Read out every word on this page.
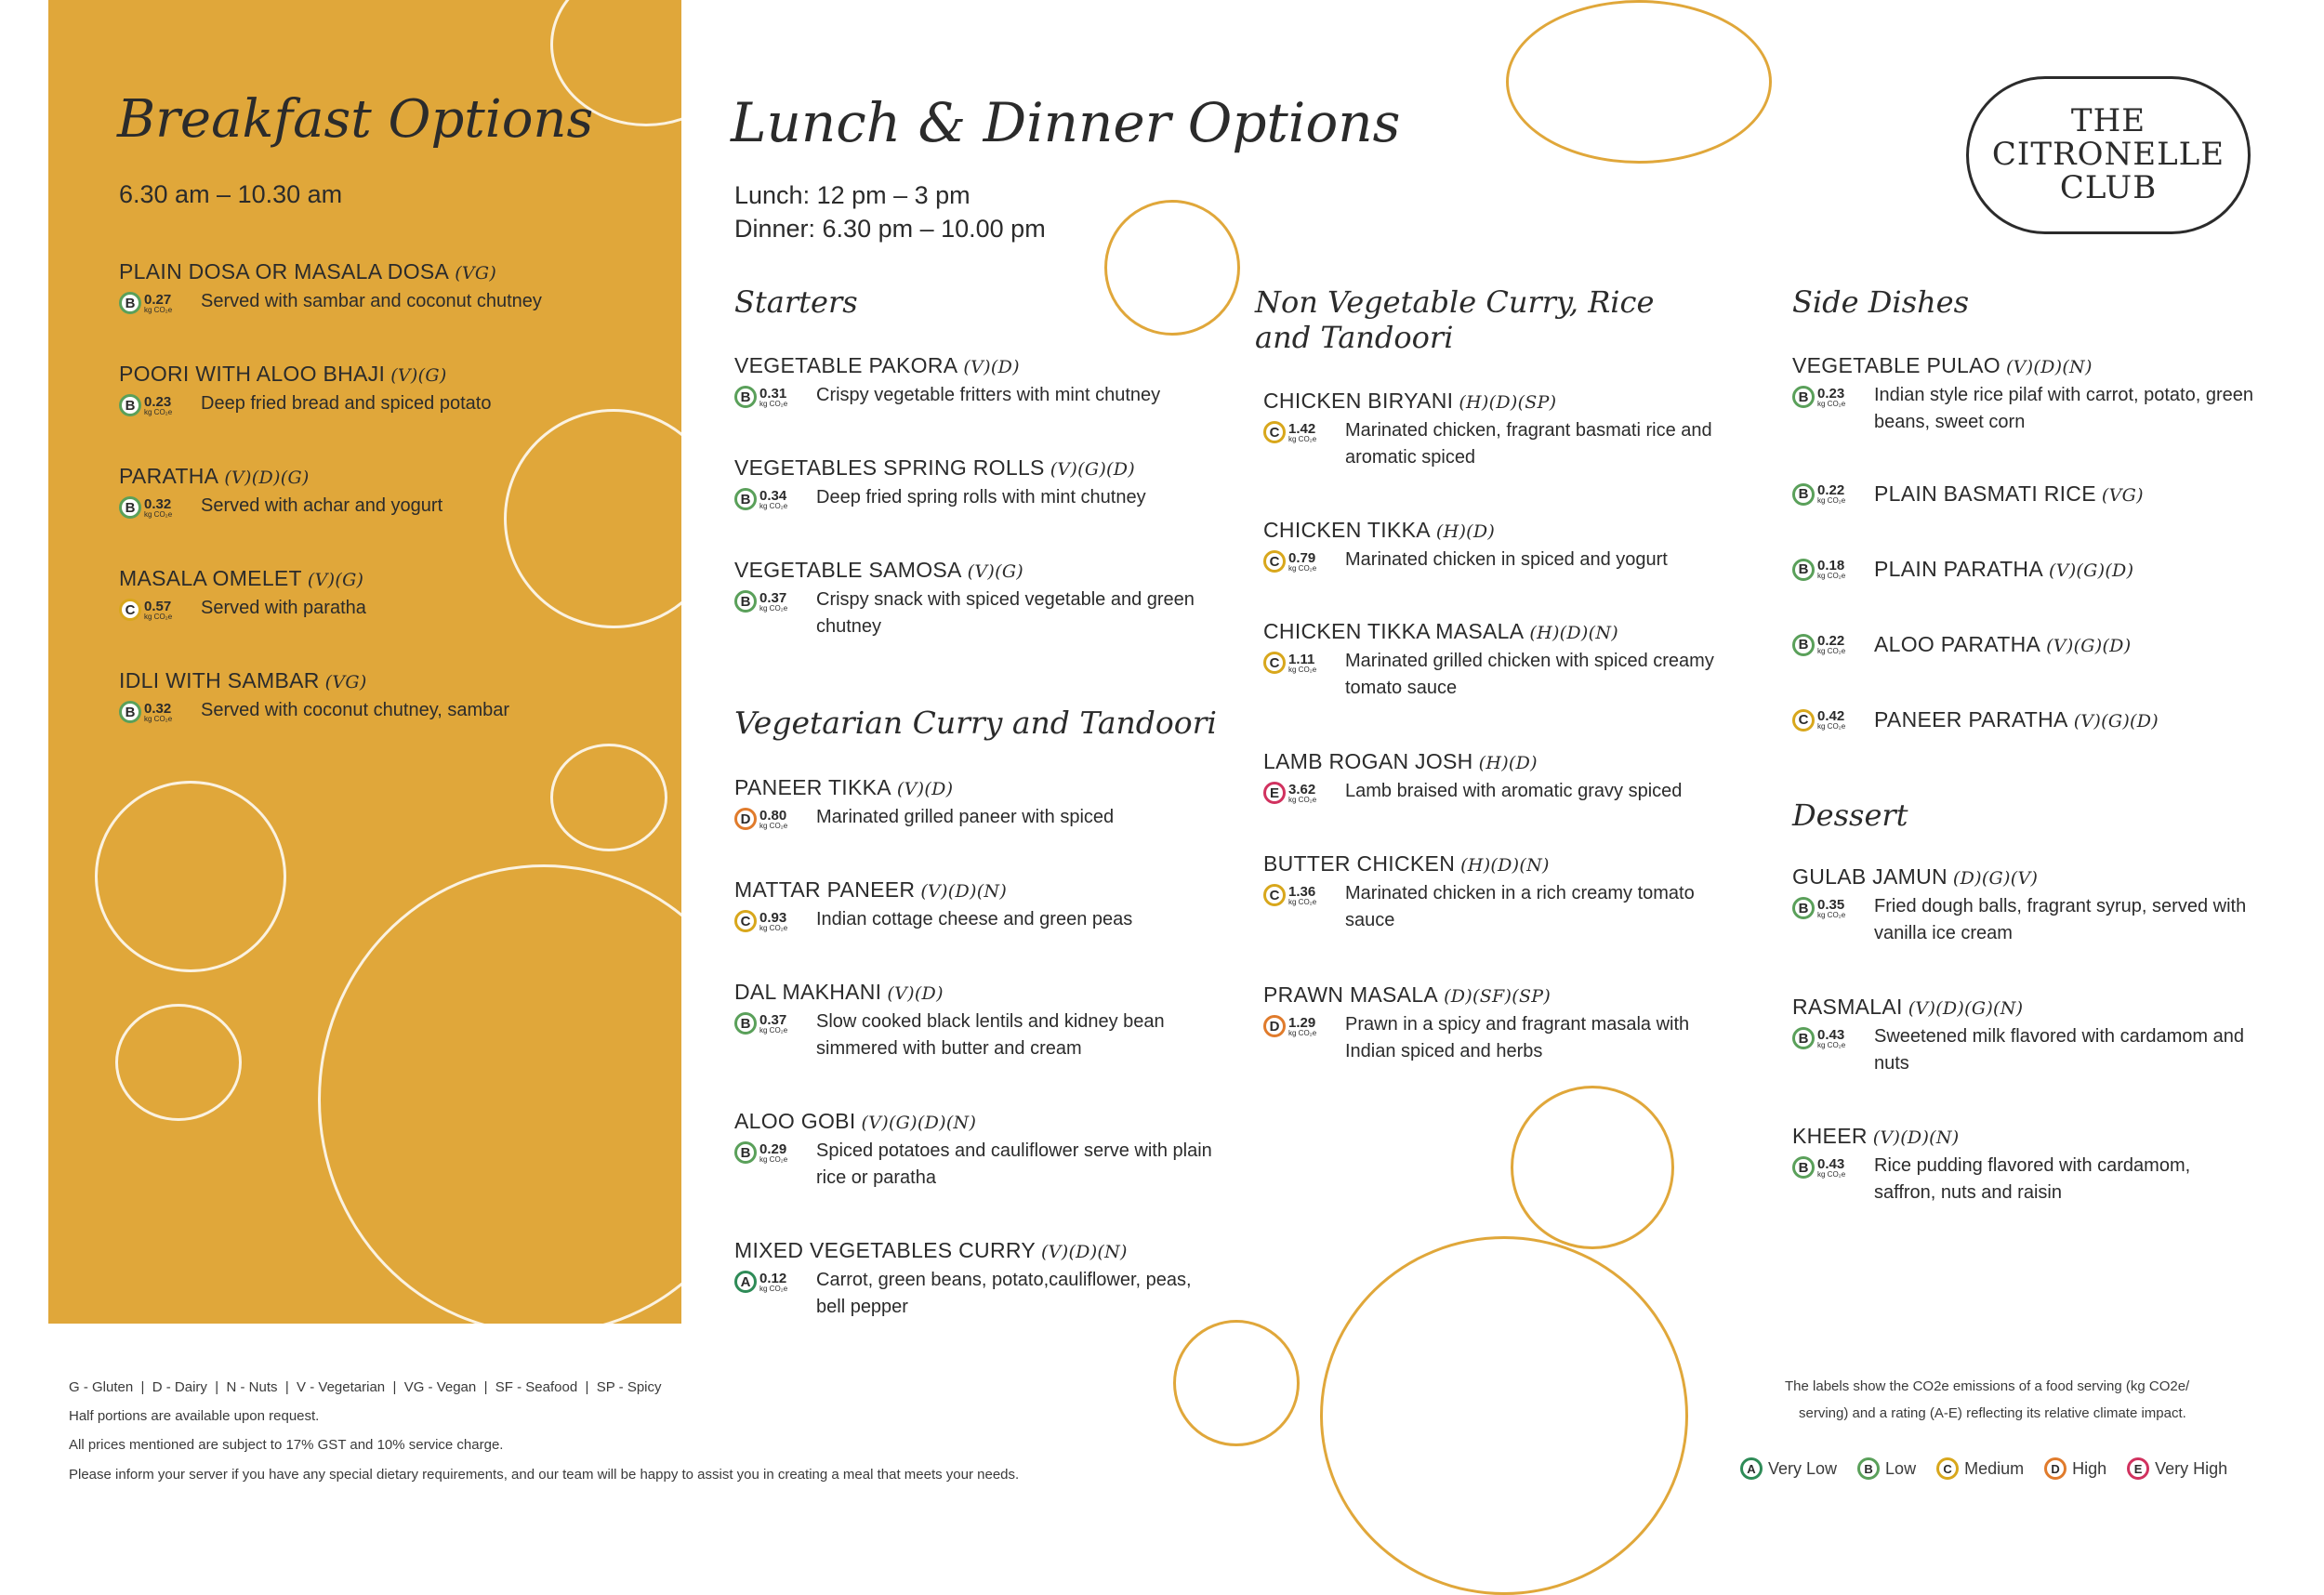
Breakfast Options
6.30 am – 10.30 am
PLAIN DOSA OR MASALA DOSA (VG)
B 0.27
kg CO₂e Served with sambar and coconut chutney
POORI WITH ALOO BHAJI (V)(G)
B 0.23
kg CO₂e Deep fried bread and spiced potato
PARATHA (V)(D)(G)
B 0.32
kg CO₂e Served with achar and yogurt
MASALA OMELET (V)(G)
C 0.57
kg CO₂e Served with paratha
IDLI WITH SAMBAR (VG)
B 0.32
kg CO₂e Served with coconut chutney, sambar
Lunch & Dinner Options
Lunch: 12 pm – 3 pm
Dinner: 6.30 pm – 10.00 pm
Starters
VEGETABLE PAKORA (V)(D)
B 0.31
kg CO₂e Crispy vegetable fritters with mint chutney
VEGETABLES SPRING ROLLS (V)(G)(D)
B 0.34
kg CO₂e Deep fried spring rolls with mint chutney
VEGETABLE SAMOSA (V)(G)
B 0.37
kg CO₂e Crispy snack with spiced vegetable and green chutney
Vegetarian Curry and Tandoori
PANEER TIKKA (V)(D)
D 0.80
kg CO₂e Marinated grilled paneer with spiced
MATTAR PANEER (V)(D)(N)
C 0.93
kg CO₂e Indian cottage cheese and green peas
DAL MAKHANI (V)(D)
B 0.37
kg CO₂e Slow cooked black lentils and kidney bean simmered with butter and cream
ALOO GOBI (V)(G)(D)(N)
B 0.29
kg CO₂e Spiced potatoes and cauliflower serve with plain rice or paratha
MIXED VEGETABLES CURRY (V)(D)(N)
A 0.12
kg CO₂e Carrot, green beans, potato,cauliflower, peas, bell pepper
Non Vegetable Curry, Rice
and Tandoori
CHICKEN BIRYANI (H)(D)(SP)
C 1.42
kg CO₂e Marinated chicken, fragrant basmati rice and aromatic spiced
CHICKEN TIKKA (H)(D)
C 0.79
kg CO₂e Marinated chicken in spiced and yogurt
CHICKEN TIKKA MASALA (H)(D)(N)
C 1.11
kg CO₂e Marinated grilled chicken with spiced creamy tomato sauce
LAMB ROGAN JOSH (H)(D)
E 3.62
kg CO₂e Lamb braised with aromatic gravy spiced
BUTTER CHICKEN (H)(D)(N)
C 1.36
kg CO₂e Marinated chicken in a rich creamy tomato sauce
PRAWN MASALA (D)(SF)(SP)
D 1.29
kg CO₂e Prawn in a spicy and fragrant masala with Indian spiced and herbs
Side Dishes
VEGETABLE PULAO (V)(D)(N)
B 0.23
kg CO₂e Indian style rice pilaf with carrot, potato, green beans, sweet corn
B 0.22
kg CO₂e PLAIN BASMATI RICE (VG)
B 0.18
kg CO₂e PLAIN PARATHA (V)(G)(D)
B 0.22
kg CO₂e ALOO PARATHA (V)(G)(D)
C 0.42
kg CO₂e PANEER PARATHA (V)(G)(D)
Dessert
GULAB JAMUN (D)(G)(V)
B 0.35
kg CO₂e Fried dough balls, fragrant syrup, served with vanilla ice cream
RASMALAI (V)(D)(G)(N)
B 0.43
kg CO₂e Sweetened milk flavored with cardamom and nuts
KHEER (V)(D)(N)
B 0.43
kg CO₂e Rice pudding flavored with cardamom, saffron, nuts and raisin
THE
CITRONELLE
CLUB
G - Gluten  |  D - Dairy  |  N - Nuts  |  V - Vegetarian  |  VG - Vegan  |  SF - Seafood  |  SP - Spicy
Half portions are available upon request.
All prices mentioned are subject to 17% GST and 10% service charge.
Please inform your server if you have any special dietary requirements, and our team will be happy to assist you in creating a meal that meets your needs.
The labels show the CO2e emissions of a food serving (kg CO2e/
serving) and a rating (A-E) reflecting its relative climate impact.
A Very Low	B Low	C Medium	D High	E Very High
